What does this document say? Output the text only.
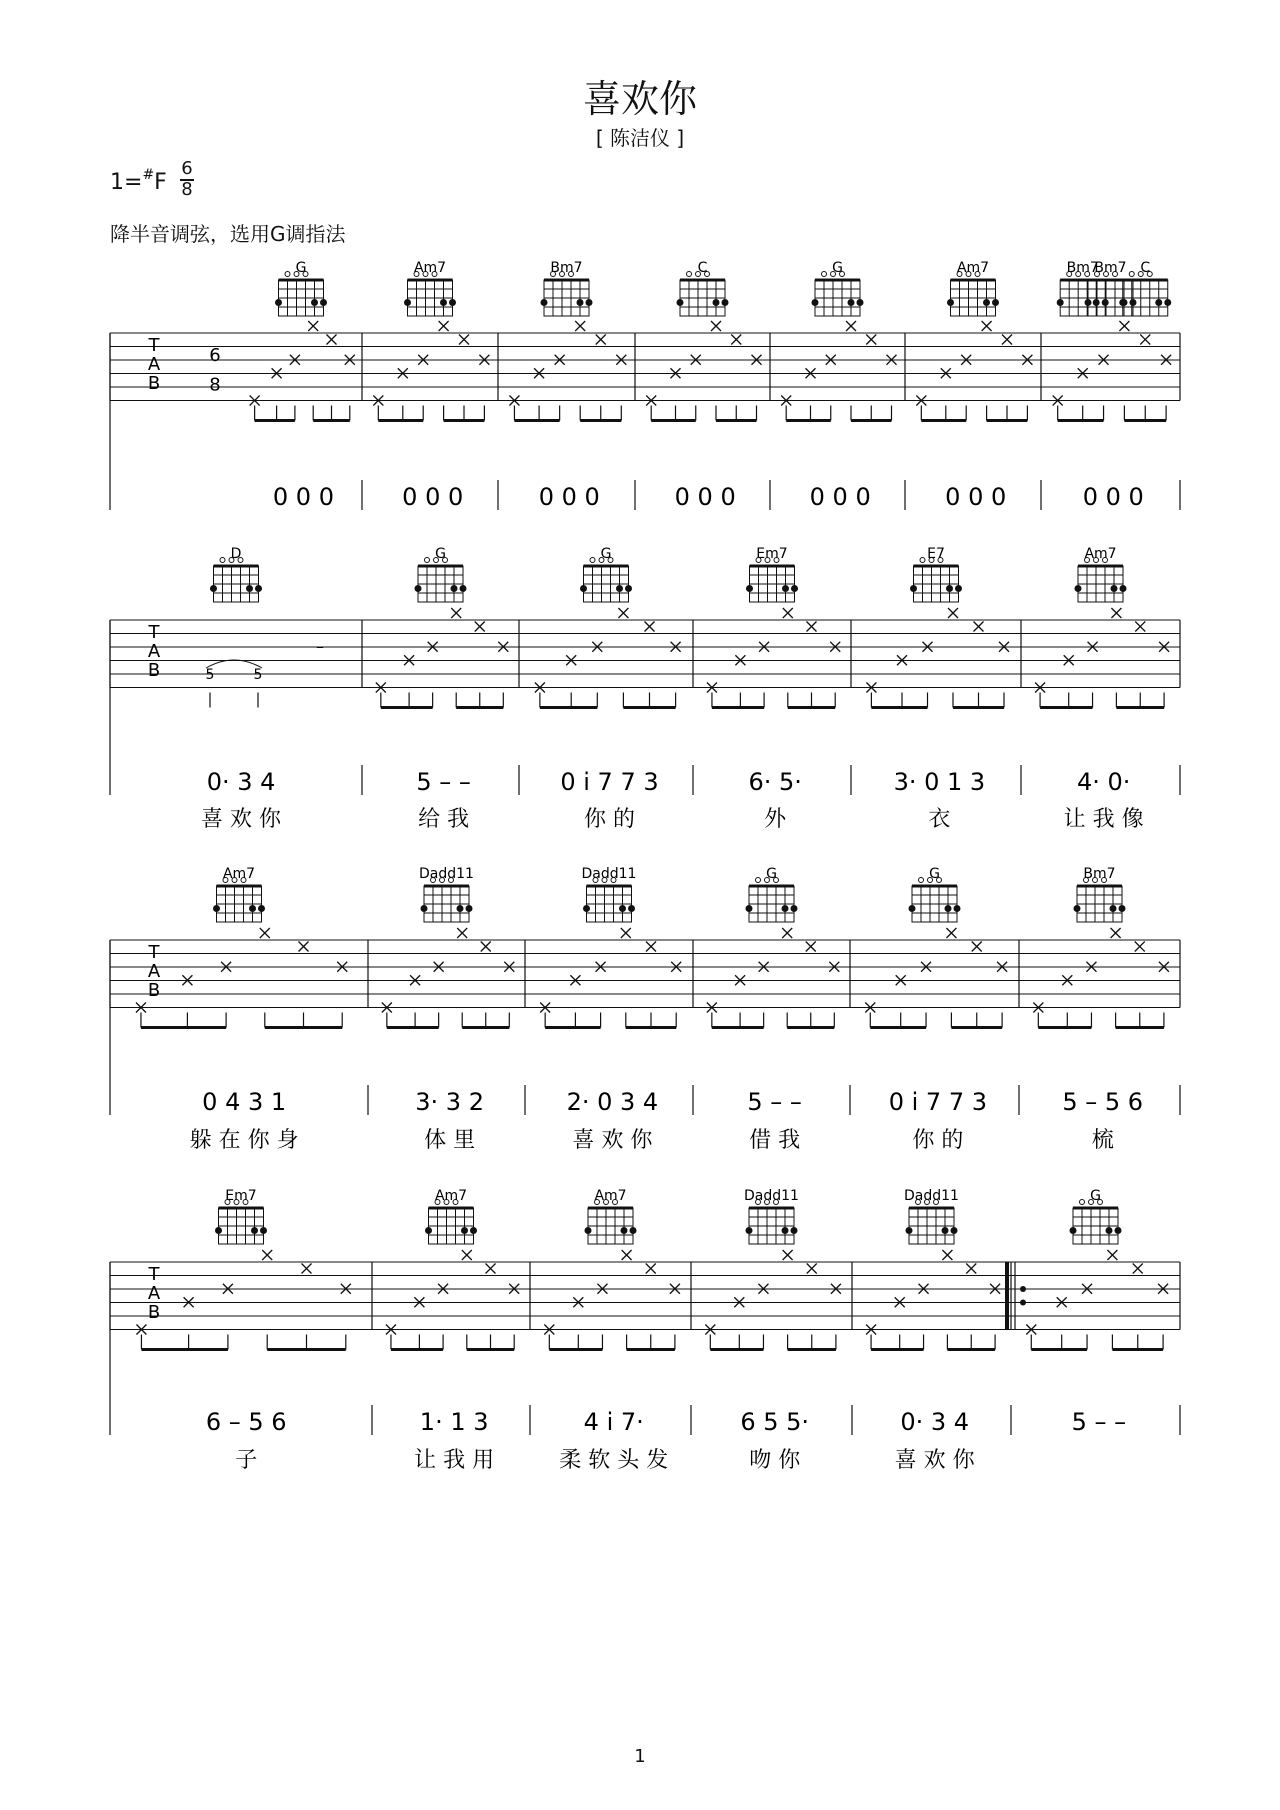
喜欢你
[ 陈洁仪 ]
1=#F
6
8
降半音调弦，选用G调指法
1
T
A
B
6
8
G
0 0 0
Am7
0 0 0
Bm7
0 0 0
C
0 0 0
G
0 0 0
Am7
0 0 0
Bm7
Bm7	C
0 0 0
T
A
B
D
5	5
–
0· 3 4
喜 欢 你
G
5 – –
给 我
G
0 i 7 7 3
你 的
Em7
6· 5·
外
E7
3· 0 1 3
衣
Am7
4· 0·
让 我 像
T
A
B
Am7
0 4 3 1
躲 在 你 身
Dadd11
3· 3 2
体 里
Dadd11
2· 0 3 4
喜 欢 你
G
5 – –
借 我
G
0 i 7 7 3
你 的
Bm7
5 – 5 6
梳
T
A
B
Em7
6 – 5 6
子
Am7
1· 1 3
让 我 用
Am7
4 i 7·
柔 软 头 发
Dadd11
6 5 5·
吻 你
Dadd11
0· 3 4
喜 欢 你
G
5 – –
